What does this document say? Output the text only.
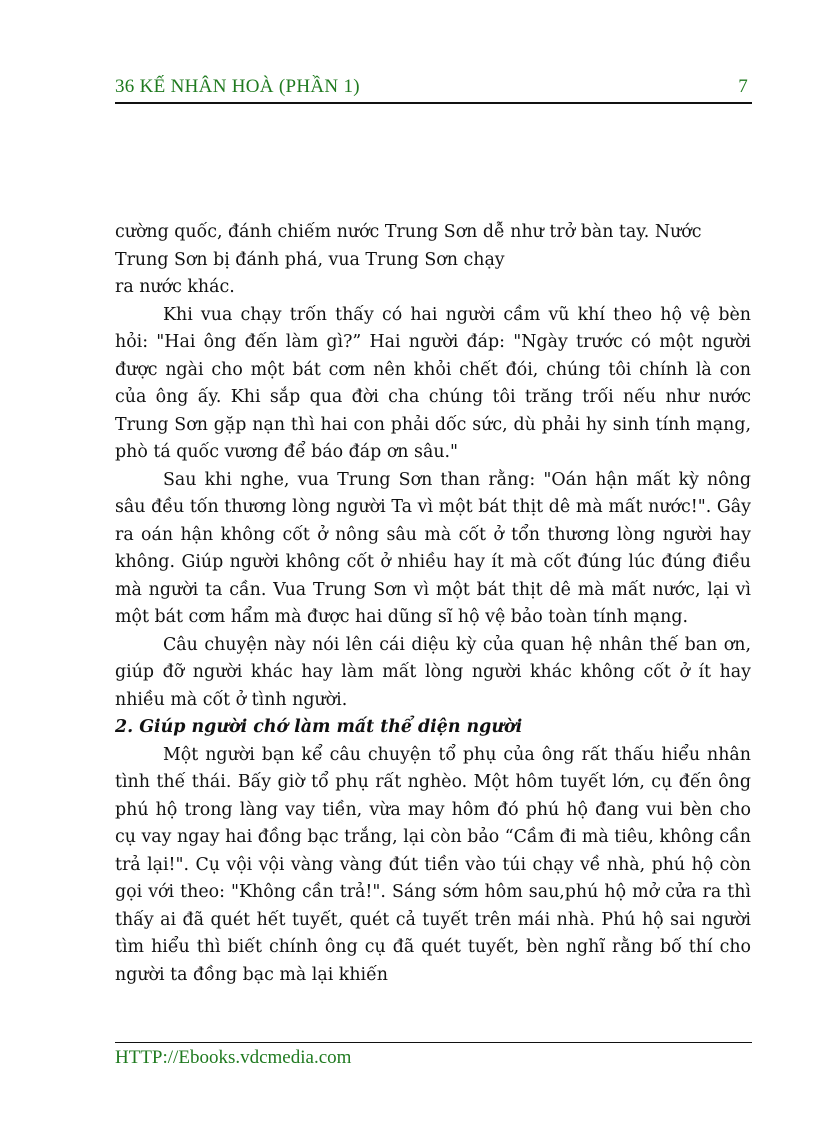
36 KẾ NHÂN HOÀ (PHẦN 1)	7

cường quốc, đánh chiếm nước Trung Sơn dễ như trở bàn tay. Nước Trung Sơn bị đánh phá, vua Trung Sơn chạy

ra nước khác.

Khi vua chạy trốn thấy có hai người cầm vũ khí theo hộ vệ bèn hỏi: "Hai ông đến làm gì?” Hai người đáp: "Ngày trước có một người được ngài cho một bát cơm nên khỏi chết đói, chúng tôi chính là con của ông ấy. Khi sắp qua đời cha chúng tôi trăng trối nếu như nước Trung Sơn gặp nạn thì hai con phải dốc sức, dù phải hy sinh tính mạng, phò tá quốc vương để báo đáp ơn sâu."

Sau khi nghe, vua Trung Sơn than rằng: "Oán hận mất kỳ nông sâu đều tốn thương lòng người Ta vì một bát thịt dê mà mất nước!". Gây ra oán hận không cốt ở nông sâu mà cốt ở tổn thương lòng người hay không. Giúp người không cốt ở nhiều hay ít mà cốt đúng lúc đúng điều mà người ta cần. Vua Trung Sơn vì một bát thịt dê mà mất nước, lại vì một bát cơm hẩm mà được hai dũng sĩ hộ vệ bảo toàn tính mạng.

Câu chuyện này nói lên cái diệu kỳ của quan hệ nhân thế ban ơn, giúp đỡ người khác hay làm mất lòng người khác không cốt ở ít hay nhiều mà cốt ở tình người.

2. Giúp người chớ làm mất thể diện người

Một người bạn kể câu chuyện tổ phụ của ông rất thấu hiểu nhân tình thế thái. Bấy giờ tổ phụ rất nghèo. Một hôm tuyết lớn, cụ đến ông phú hộ trong làng vay tiền, vừa may hôm đó phú hộ đang vui bèn cho cụ vay ngay hai đồng bạc trắng, lại còn bảo “Cầm đi mà tiêu, không cần trả lại!". Cụ vội vội vàng vàng đút tiền vào túi chạy về nhà, phú hộ còn gọi với theo: "Không cần trả!". Sáng sớm hôm sau,phú hộ mở cửa ra thì thấy ai đã quét hết tuyết, quét cả tuyết trên mái nhà. Phú hộ sai người tìm hiểu thì biết chính ông cụ đã quét tuyết, bèn nghĩ rằng bố thí cho người ta đồng bạc mà lại khiến

HTTP://Ebooks.vdcmedia.com
